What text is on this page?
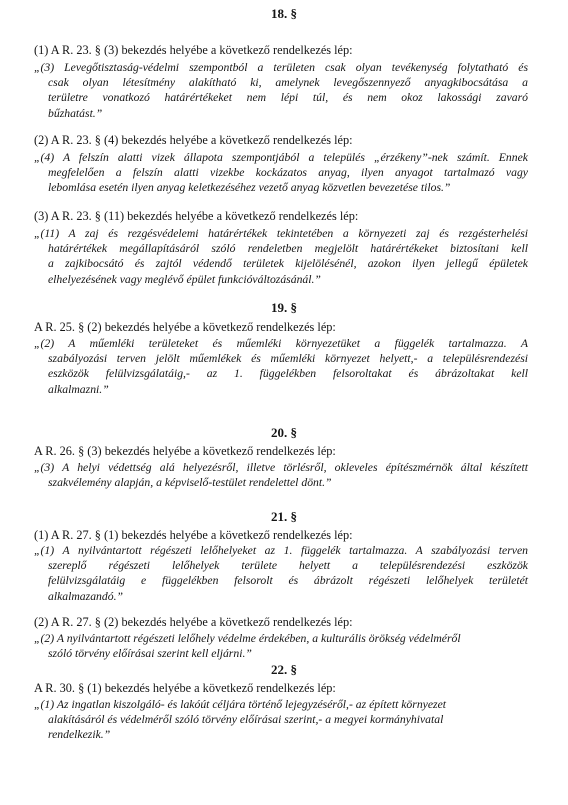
18. §
(1) A R. 23. § (3) bekezdés helyébe a következő rendelkezés lép:
„(3) Levegőtisztaság-védelmi szempontból a területen csak olyan tevékenység folytatható és
csak olyan létesítmény alakítható ki, amelynek levegőszennyező anyagkibocsátása a
területre vonatkozó határértékeket nem lépi túl, és nem okoz lakossági zavaró
bűzhatást.”
(2) A R. 23. § (4) bekezdés helyébe a következő rendelkezés lép:
„(4) A felszín alatti vizek állapota szempontjából a település „érzékeny”-nek számít. Ennek
megfelelően a felszín alatti vizekbe kockázatos anyag, ilyen anyagot tartalmazó vagy
lebomlása esetén ilyen anyag keletkezéséhez vezető anyag közvetlen bevezetése tilos.”
(3) A R. 23. § (11) bekezdés helyébe a következő rendelkezés lép:
„(11) A zaj és rezgésvédelemi határértékek tekintetében a környezeti zaj és rezgésterhelési
határértékek megállapításáról szóló rendeletben megjelölt határértékeket biztosítani kell
a zajkibocsátó és zajtól védendő területek kijelölésénél, azokon ilyen jellegű épületek
elhelyezésének vagy meglévő épület funkcióváltozásánál.”
19. §
A R. 25. § (2) bekezdés helyébe a következő rendelkezés lép:
„(2) A műemléki területeket és műemléki környezetüket a függelék tartalmazza. A
szabályozási terven jelölt műemlékek és műemléki környezet helyett,- a településrendezési
eszközök felülvizsgálatáig,- az 1. függelékben felsoroltakat és ábrázoltakat kell
alkalmazni.”
20. §
A R. 26. § (3) bekezdés helyébe a következő rendelkezés lép:
„(3) A helyi védettség alá helyezésről, illetve törlésről, okleveles építészmérnök által készített
szakvélemény alapján, a képviselő-testület rendelettel dönt.”
21. §
(1) A R. 27. § (1) bekezdés helyébe a következő rendelkezés lép:
„(1) A nyilvántartott régészeti lelőhelyeket az 1. függelék tartalmazza. A szabályozási terven
szereplő régészeti lelőhelyek területe helyett a településrendezési eszközök
felülvizsgálatáig e függelékben felsorolt és ábrázolt régészeti lelőhelyek területét
alkalmazandó.”
(2) A R. 27. § (2) bekezdés helyébe a következő rendelkezés lép:
„(2) A nyilvántartott régészeti lelőhely védelme érdekében, a kulturális örökség védelméről
szóló törvény előírásai szerint kell eljárni.”
22. §
A R. 30. § (1) bekezdés helyébe a következő rendelkezés lép:
„(1) Az ingatlan kiszolgáló- és lakóút céljára történő lejegyzéséről,- az épített környezet
alakításáról és védelméről szóló törvény előírásai szerint,- a megyei kormányhivatal
rendelkezik.”
